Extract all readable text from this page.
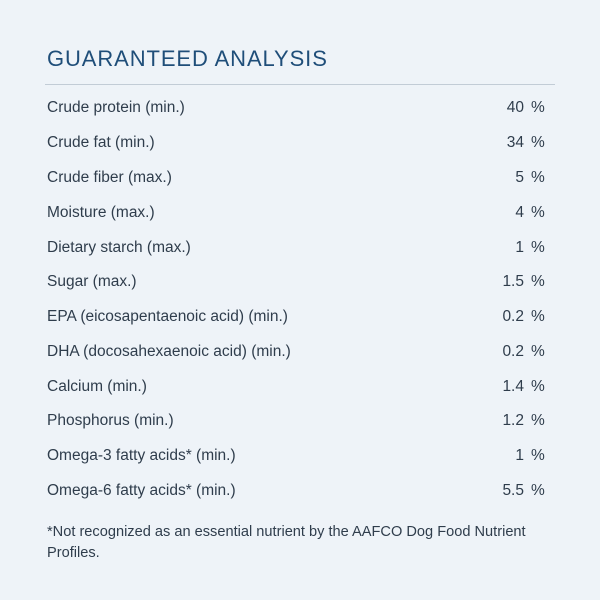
GUARANTEED ANALYSIS
Crude protein (min.)	40	%
Crude fat (min.)	34	%
Crude fiber (max.)	5	%
Moisture (max.)	4	%
Dietary starch (max.)	1	%
Sugar (max.)	1.5	%
EPA (eicosapentaenoic acid) (min.)	0.2	%
DHA (docosahexaenoic acid) (min.)	0.2	%
Calcium (min.)	1.4	%
Phosphorus (min.)	1.2	%
Omega-3 fatty acids* (min.)	1	%
Omega-6 fatty acids* (min.)	5.5	%
*Not recognized as an essential nutrient by the AAFCO Dog Food Nutrient Profiles.
